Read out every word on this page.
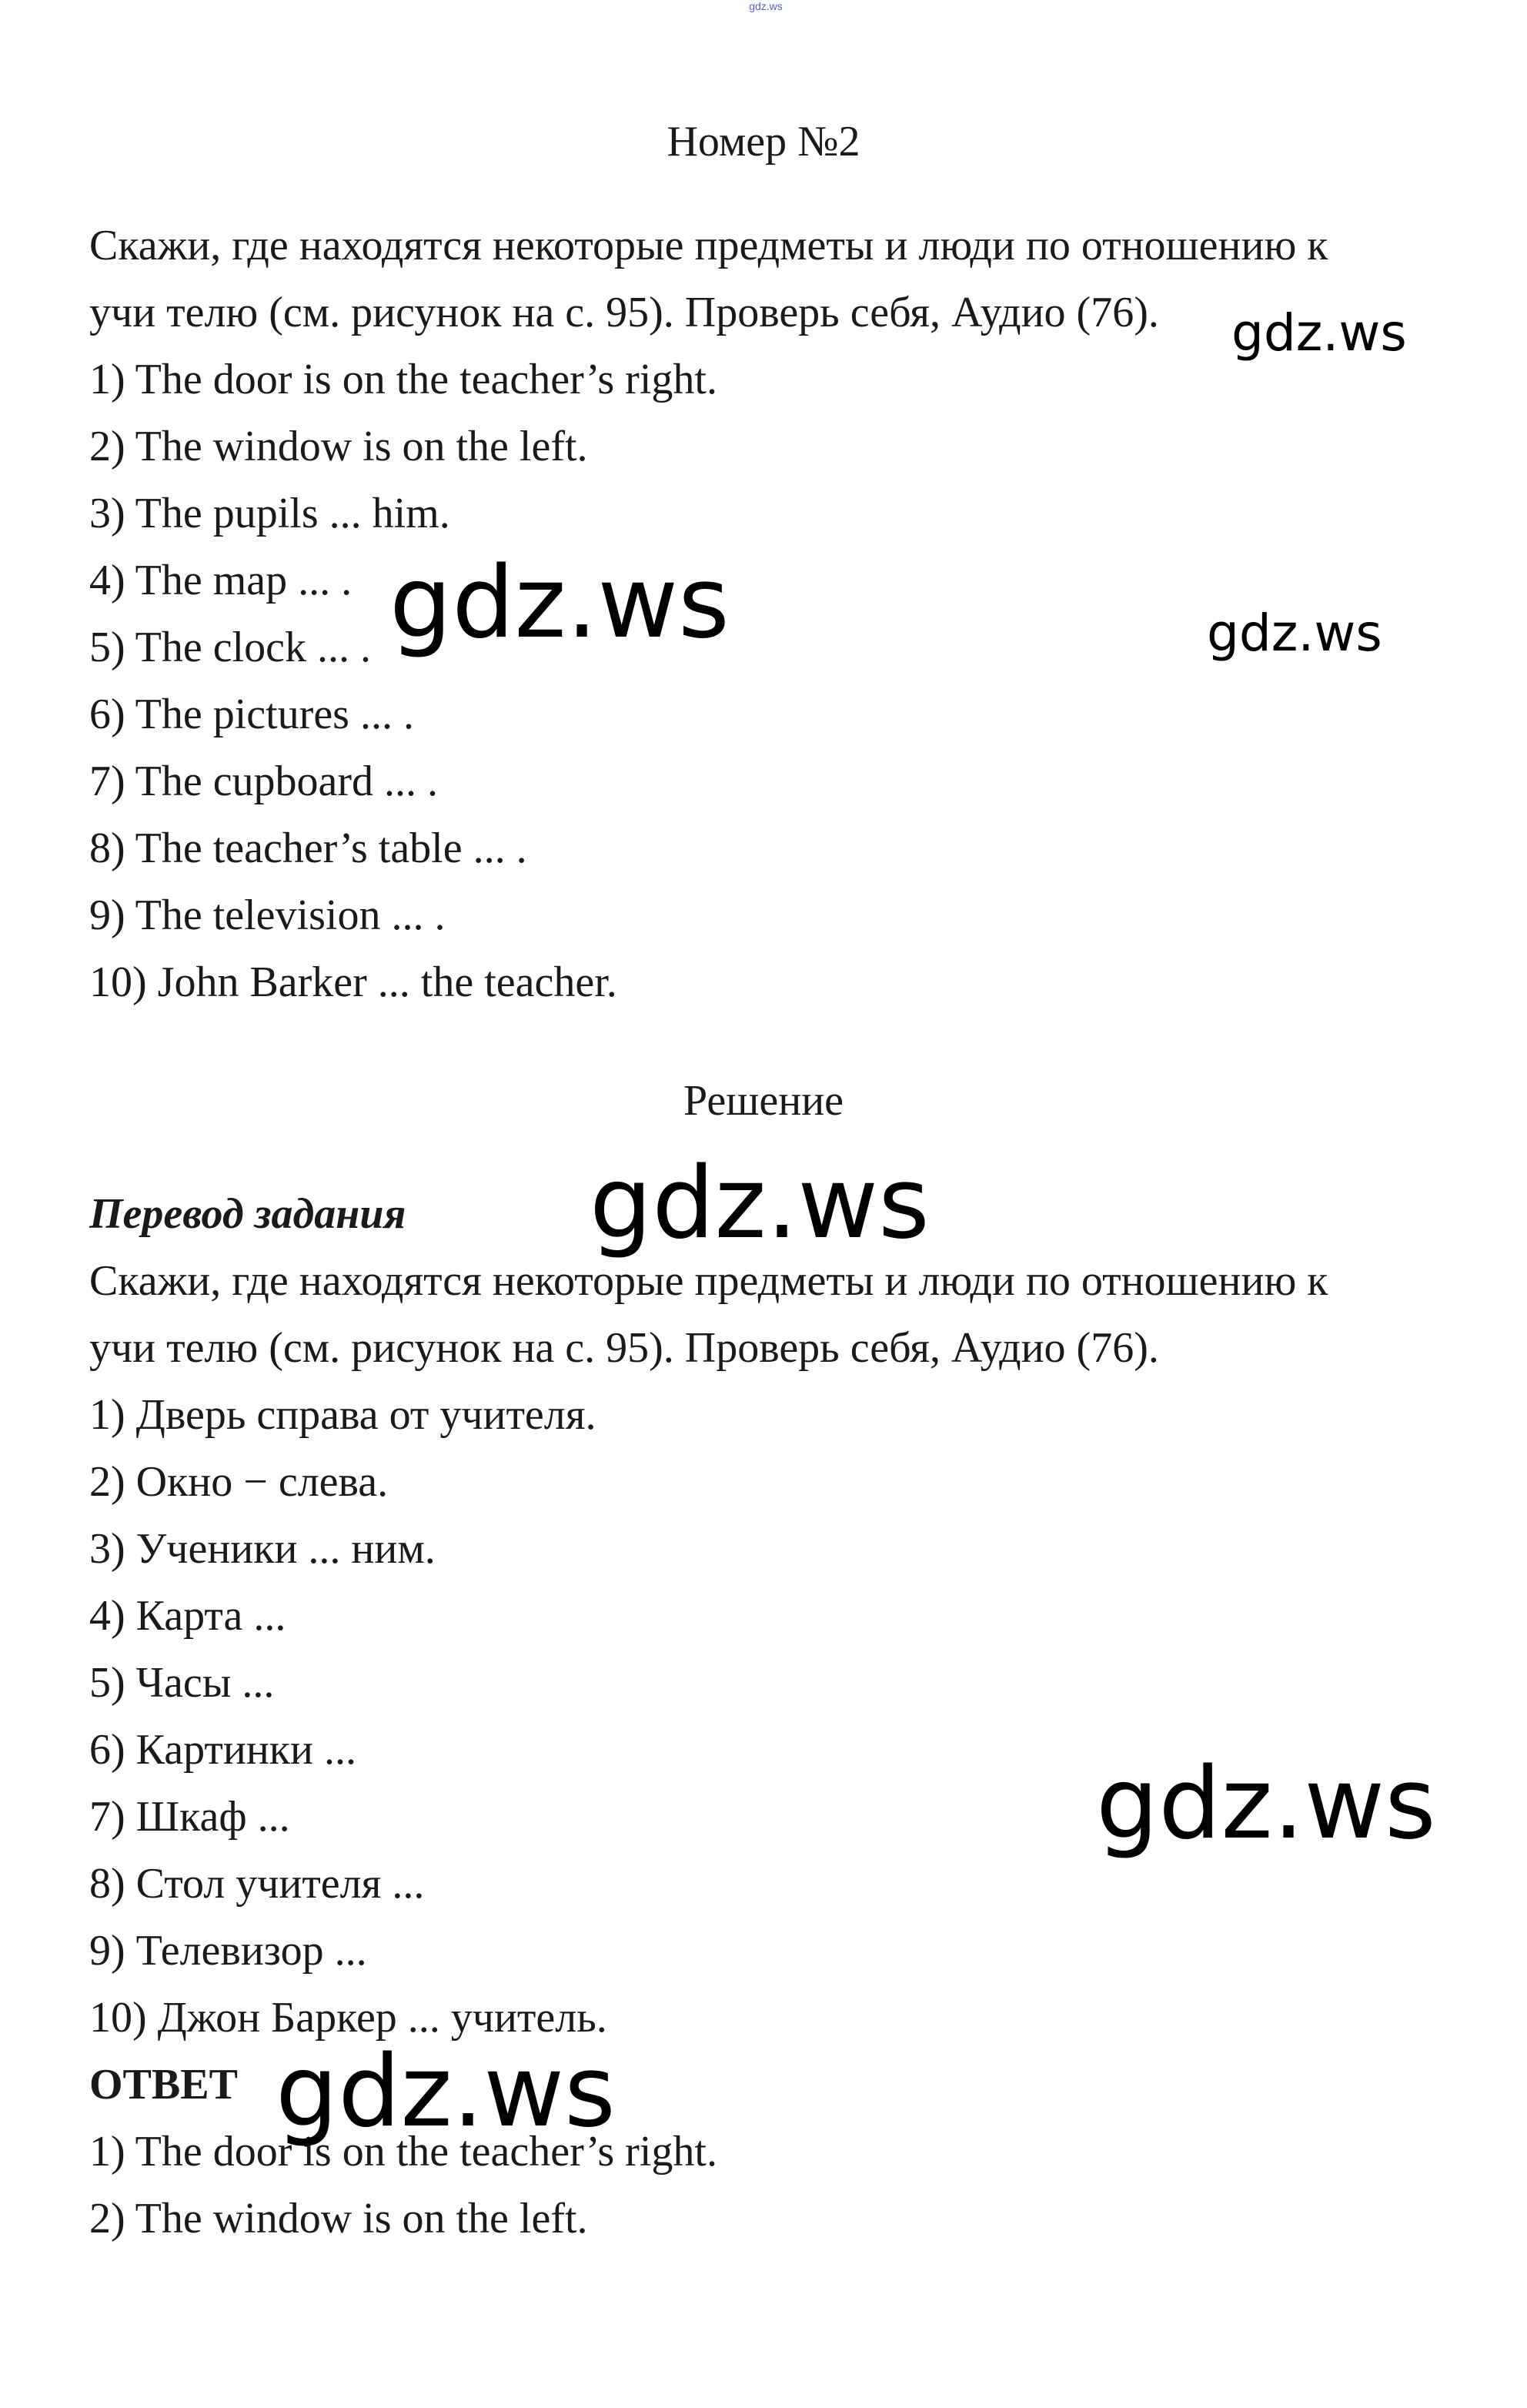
gdz.ws
Номер №2
Скажи, где находятся некоторые предметы и люди по отношению к
учи телю (см. рисунок на с. 95). Проверь себя, Аудио (76).
1) The door is on the teacher’s right.
2) The window is on the left.
3) The pupils ... him.
4) The map ... .
5) The clock ... .
6) The pictures ... .
7) The cupboard ... .
8) The teacher’s table ... .
9) The television ... .
10) John Barker ... the teacher.
Решение
Перевод задания
Скажи, где находятся некоторые предметы и люди по отношению к
учи телю (см. рисунок на с. 95). Проверь себя, Аудио (76).
1) Дверь справа от учителя.
2) Окно − слева.
3) Ученики ... ним.
4) Карта ...
5) Часы ...
6) Картинки ...
7) Шкаф ...
8) Стол учителя ...
9) Телевизор ...
10) Джон Баркер ... учитель.
ОТВЕТ
1) The door is on the teacher’s right.
2) The window is on the left.
gdz.ws
gdz.ws	gdz.ws
gdz.ws
gdz.ws
gdz.ws
